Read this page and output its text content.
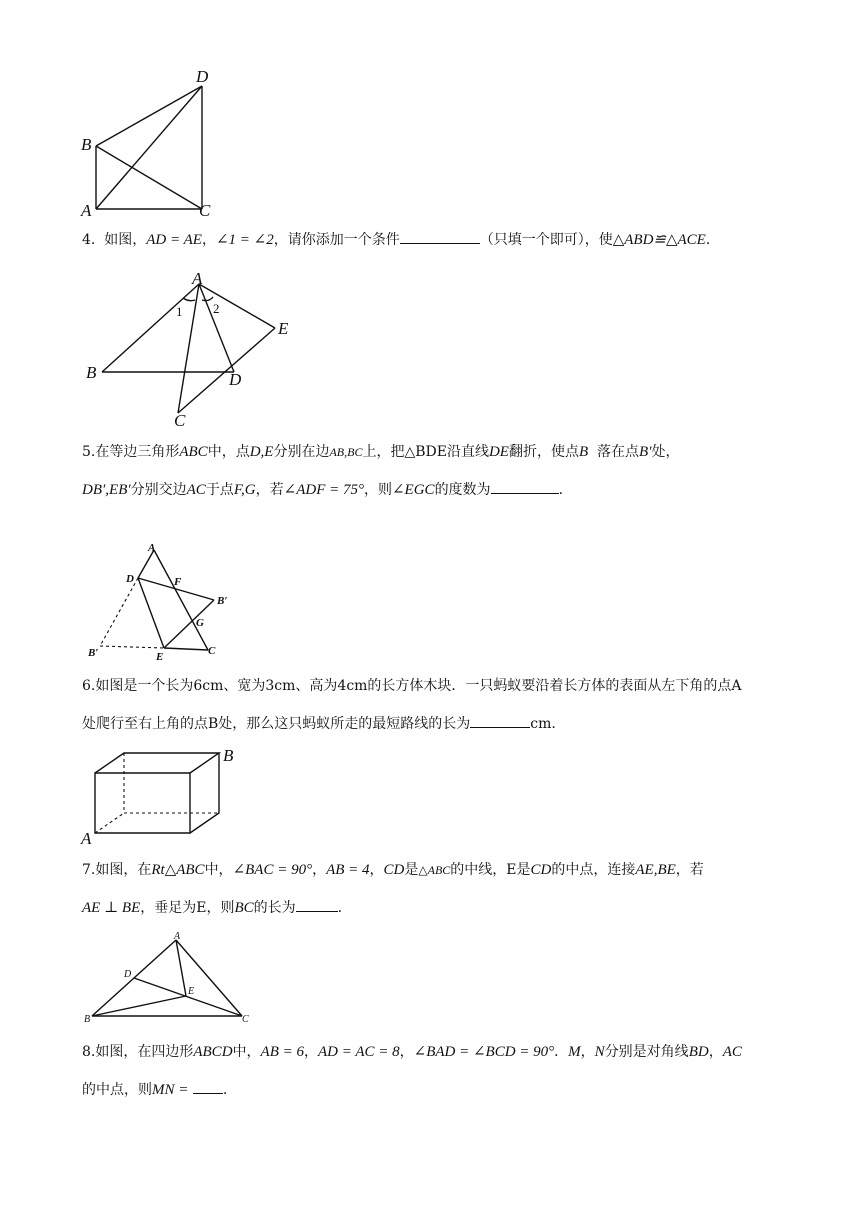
D
B
A	C
4. 如图，AD = AE，∠1 = ∠2，请你添加一个条件	（只填一个即可），使△ABD≌△ACE．
A
B	D
E
C
1 2
5.在等边三角形ABC中，点D,E分别在边AB,BC上，把△BDE沿直线DE翻折，使点B 落在点B′处，
DB′,EB′分别交边AC于点F,G，若∠ADF = 75°，则∠EGC的度数为	.
A
D	F
B′
G
B′	E	C
6.如图是一个长为6cm、宽为3cm、高为4cm的长方体木块．一只蚂蚁要沿着长方体的表面从左下角的点A
处爬行至右上角的点B处，那么这只蚂蚁所走的最短路线的长为	cm.
B
A
7.如图，在Rt△ABC中，∠BAC = 90°，AB = 4，CD是△ABC的中线，E是CD的中点，连接AE,BE，若
AE ⊥ BE，垂足为E，则BC的长为	.
A
D
E
B	C
8.如图，在四边形ABCD中，AB = 6，AD = AC = 8，∠BAD = ∠BCD = 90°．M，N分别是对角线BD，AC
的中点，则MN = .
